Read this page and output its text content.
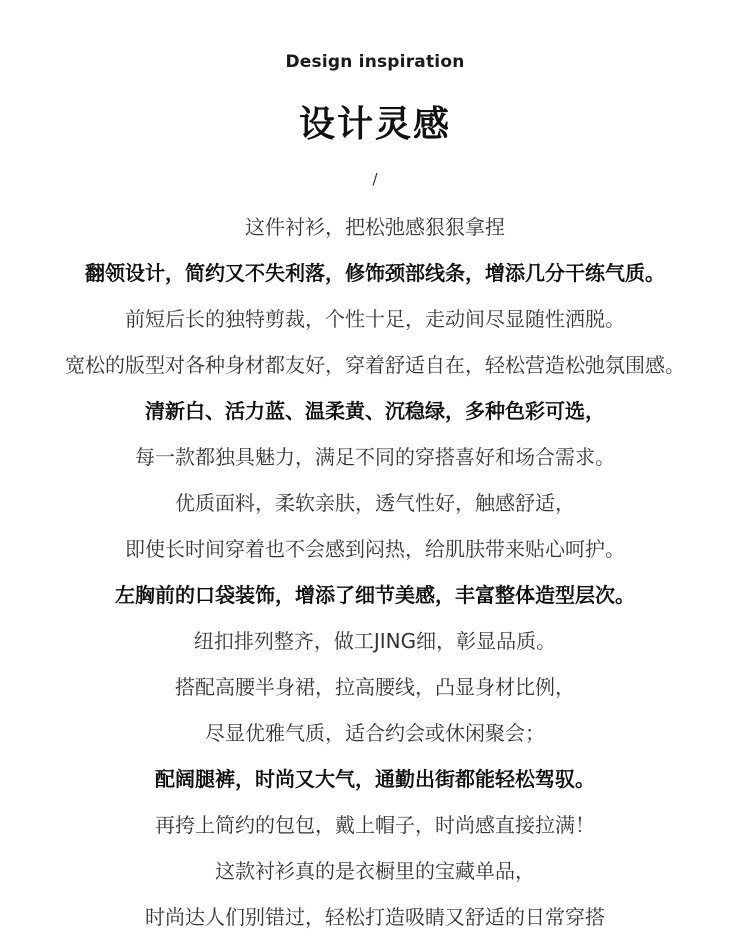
Design inspiration
设计灵感
/
这件衬衫，把松弛感狠狠拿捏
翻领设计，简约又不失利落，修饰颈部线条，增添几分干练气质。
前短后长的独特剪裁，个性十足，走动间尽显随性洒脱。
宽松的版型对各种身材都友好，穿着舒适自在，轻松营造松弛氛围感。
清新白、活力蓝、温柔黄、沉稳绿，多种色彩可选，
每一款都独具魅力，满足不同的穿搭喜好和场合需求。
优质面料，柔软亲肤，透气性好，触感舒适，
即使长时间穿着也不会感到闷热，给肌肤带来贴心呵护。
左胸前的口袋装饰，增添了细节美感，丰富整体造型层次。
纽扣排列整齐，做工JING细，彰显品质。
搭配高腰半身裙，拉高腰线，凸显身材比例，
尽显优雅气质，适合约会或休闲聚会；
配阔腿裤，时尚又大气，通勤出街都能轻松驾驭。
再挎上简约的包包，戴上帽子，时尚感直接拉满！
这款衬衫真的是衣橱里的宝藏单品，
时尚达人们别错过，轻松打造吸睛又舒适的日常穿搭
